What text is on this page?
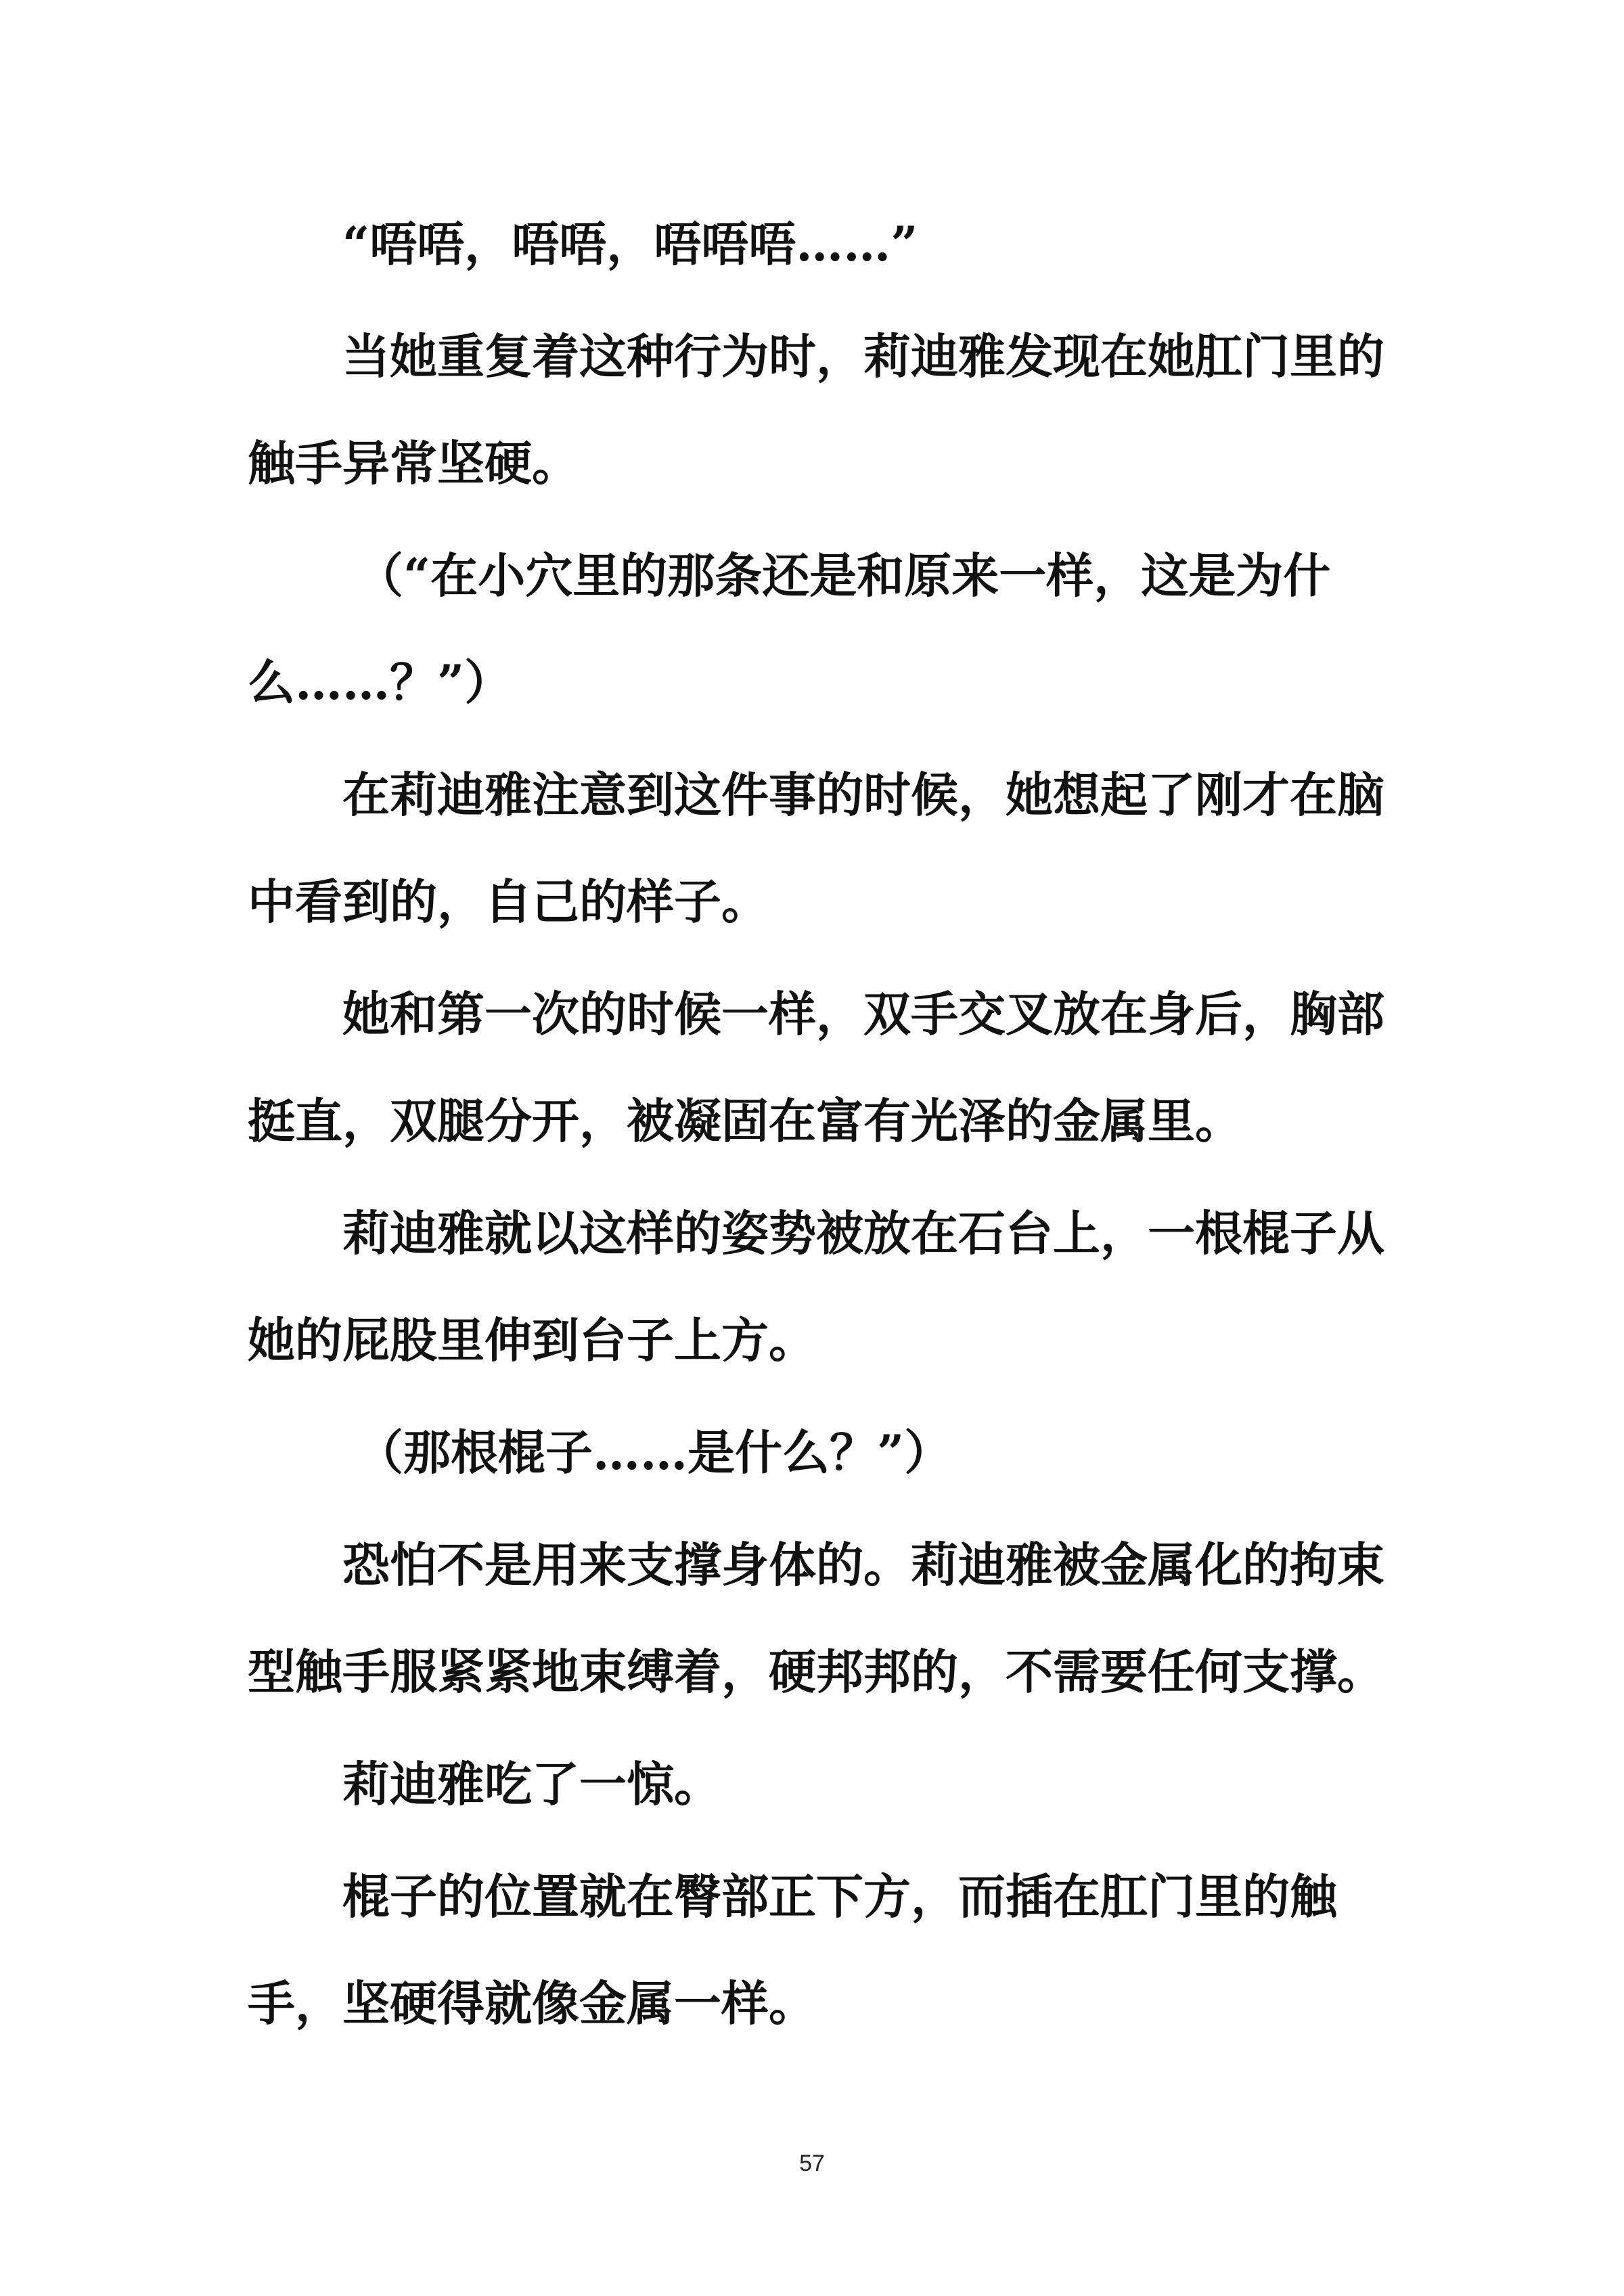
“唔唔，唔唔，唔唔唔……”

当她重复着这种行为时，莉迪雅发现在她肛门里的触手异常坚硬。

（“在小穴里的那条还是和原来一样，这是为什么……？”）

在莉迪雅注意到这件事的时候，她想起了刚才在脑中看到的，自己的样子。

她和第一次的时候一样，双手交叉放在身后，胸部挺直，双腿分开，被凝固在富有光泽的金属里。

莉迪雅就以这样的姿势被放在石台上，一根棍子从她的屁股里伸到台子上方。

（那根棍子……是什么？”）

恐怕不是用来支撑身体的。莉迪雅被金属化的拘束型触手服紧紧地束缚着，硬邦邦的，不需要任何支撑。

莉迪雅吃了一惊。

棍子的位置就在臀部正下方，而插在肛门里的触手，坚硬得就像金属一样。

57
